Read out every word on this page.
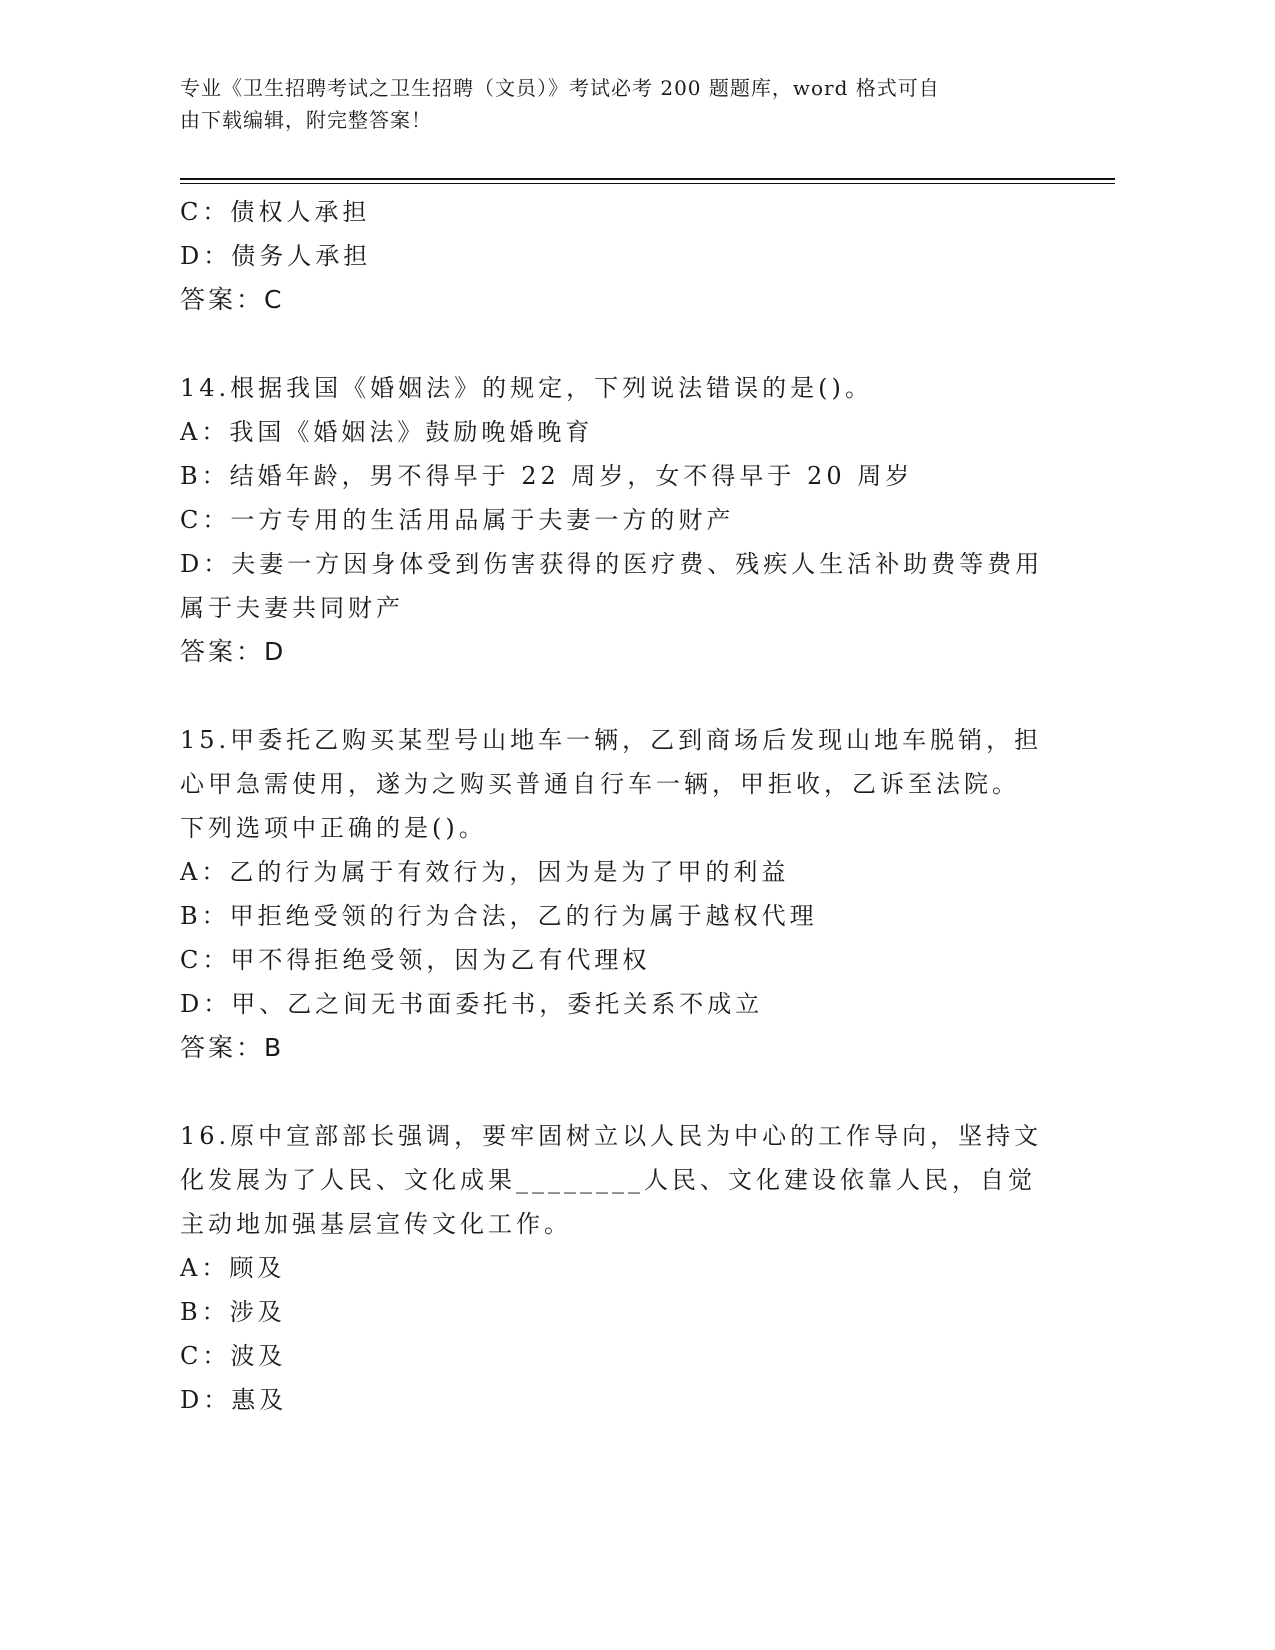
专业《卫生招聘考试之卫生招聘（文员）》考试必考 200 题题库，word 格式可自
由下载编辑，附完整答案！
C：债权人承担
D：债务人承担
答案：C
14.根据我国《婚姻法》的规定，下列说法错误的是()。
A：我国《婚姻法》鼓励晚婚晚育
B：结婚年龄，男不得早于 22 周岁，女不得早于 20 周岁
C：一方专用的生活用品属于夫妻一方的财产
D：夫妻一方因身体受到伤害获得的医疗费、残疾人生活补助费等费用
属于夫妻共同财产
答案：D
15.甲委托乙购买某型号山地车一辆，乙到商场后发现山地车脱销，担
心甲急需使用，遂为之购买普通自行车一辆，甲拒收，乙诉至法院。
下列选项中正确的是()。
A：乙的行为属于有效行为，因为是为了甲的利益
B：甲拒绝受领的行为合法，乙的行为属于越权代理
C：甲不得拒绝受领，因为乙有代理权
D：甲、乙之间无书面委托书，委托关系不成立
答案：B
16.原中宣部部长强调，要牢固树立以人民为中心的工作导向，坚持文
化发展为了人民、文化成果________人民、文化建设依靠人民，自觉
主动地加强基层宣传文化工作。
A：顾及
B：涉及
C：波及
D：惠及
